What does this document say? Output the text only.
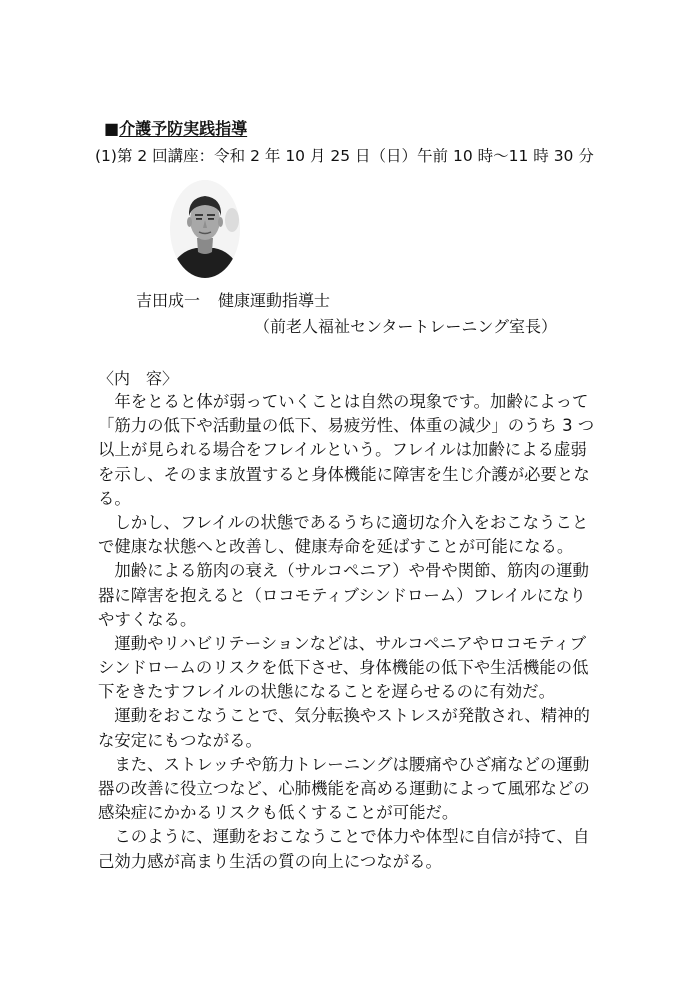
■介護予防実践指導
(1)第 2 回講座：令和 2 年 10 月 25 日（日）午前 10 時〜11 時 30 分
吉田成一 健康運動指導士
（前老人福祉センタートレーニング室長）
〈内　容〉
　年をとると体が弱っていくことは自然の現象です。加齢によって
「筋力の低下や活動量の低下、易疲労性、体重の減少」のうち 3 つ
以上が見られる場合をフレイルという。フレイルは加齢による虚弱
を示し、そのまま放置すると身体機能に障害を生じ介護が必要とな
る。
　しかし、フレイルの状態であるうちに適切な介入をおこなうこと
で健康な状態へと改善し、健康寿命を延ばすことが可能になる。
　加齢による筋肉の衰え（サルコペニア）や骨や関節、筋肉の運動
器に障害を抱えると（ロコモティブシンドローム）フレイルになり
やすくなる。
　運動やリハビリテーションなどは、サルコペニアやロコモティブ
シンドロームのリスクを低下させ、身体機能の低下や生活機能の低
下をきたすフレイルの状態になることを遅らせるのに有効だ。
　運動をおこなうことで、気分転換やストレスが発散され、精神的
な安定にもつながる。
　また、ストレッチや筋力トレーニングは腰痛やひざ痛などの運動
器の改善に役立つなど、心肺機能を高める運動によって風邪などの
感染症にかかるリスクも低くすることが可能だ。
　このように、運動をおこなうことで体力や体型に自信が持て、自
己効力感が高まり生活の質の向上につながる。
